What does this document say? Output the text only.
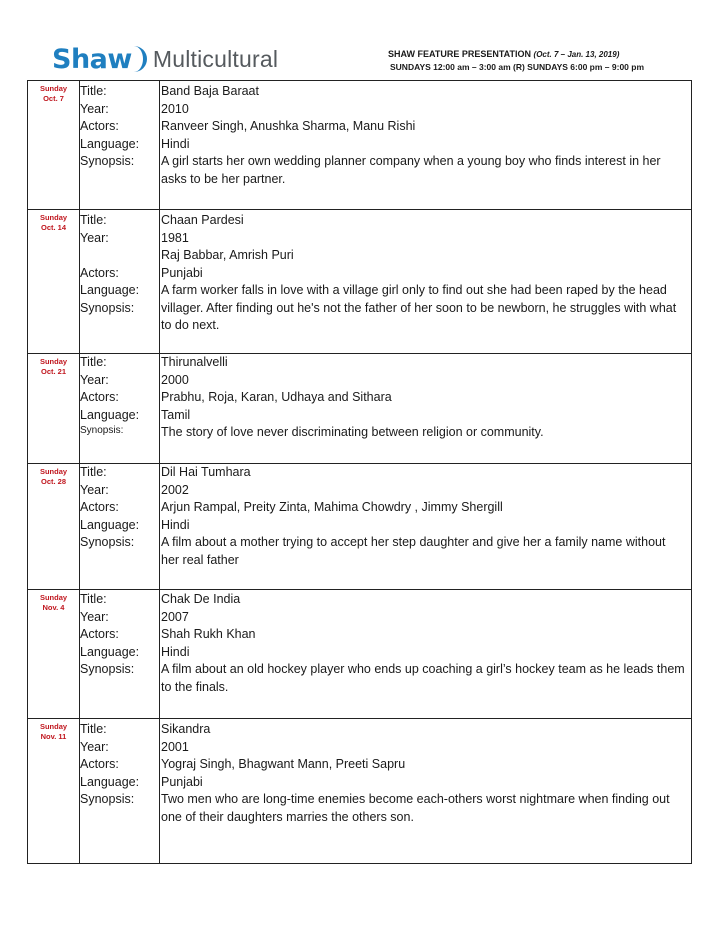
Shaw Multicultural	SHAW FEATURE PRESENTATION (Oct. 7 – Jan. 13, 2019)
SUNDAYS 12:00 am – 3:00 am (R) SUNDAYS 6:00 pm – 9:00 pm
Sunday
Oct. 7
Title:
Year:
Actors:
Language:
Synopsis:
Band Baja Baraat
2010
Ranveer Singh, Anushka Sharma, Manu Rishi
Hindi
A girl starts her own wedding planner company when a young boy who finds interest in her asks to be her partner.
Sunday
Oct. 14
Title:
Year:
Actors:
Language:
Synopsis:
Chaan Pardesi
1981
Raj Babbar, Amrish Puri
Punjabi
A farm worker falls in love with a village girl only to find out she had been raped by the head villager. After finding out he's not the father of her soon to be newborn, he struggles with what to do next.
Sunday
Oct. 21
Title:
Year:
Actors:
Language:
Synopsis:
Thirunalvelli
2000
Prabhu, Roja, Karan, Udhaya and Sithara
Tamil
The story of love never discriminating between religion or community.
Sunday
Oct. 28
Title:
Year:
Actors:
Language:
Synopsis:
Dil Hai Tumhara
2002
Arjun Rampal, Preity Zinta, Mahima Chowdry , Jimmy Shergill
Hindi
A film about a mother trying to accept her step daughter and give her a family name without her real father
Sunday
Nov. 4
Title:
Year:
Actors:
Language:
Synopsis:
Chak De India
2007
Shah Rukh Khan
Hindi
A film about an old hockey player who ends up coaching a girl’s hockey team as he leads them to the finals.
Sunday
Nov. 11
Title:
Year:
Actors:
Language:
Synopsis:
Sikandra
2001
Yograj Singh, Bhagwant Mann, Preeti Sapru
Punjabi
Two men who are long-time enemies become each-others worst nightmare when finding out one of their daughters marries the others son.
